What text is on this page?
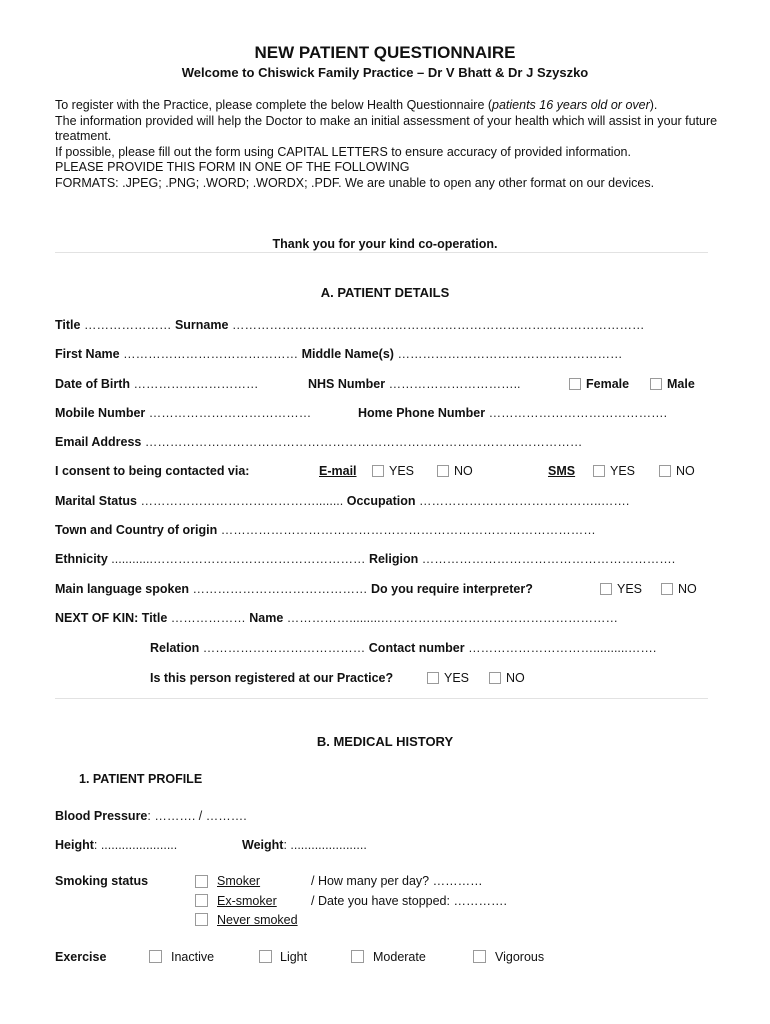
NEW PATIENT QUESTIONNAIRE
Welcome to Chiswick Family Practice – Dr V Bhatt & Dr J Szyszko

To register with the Practice, please complete the below Health Questionnaire (patients 16 years old or over).

The information provided will help the Doctor to make an initial assessment of your health which will assist in your future treatment.

If possible, please fill out the form using CAPITAL LETTERS to ensure accuracy of provided information.

PLEASE PROVIDE THIS FORM IN ONE OF THE FOLLOWING

FORMATS: .JPEG; .PNG; .WORD; .WORDX; .PDF. We are unable to open any other format on our devices.

Thank you for your kind co-operation.
A. PATIENT DETAILS
Title ………………… Surname ………………………………………………………………………………………
First Name …………………………………… Middle Name(s) ………………………………………………
Date of Birth …………………………	NHS Number …………………………..	Female	Male
Mobile Number …………………………………	Home Phone Number …………………………………….
Email Address ……………………………………………………………………………………………
I consent to being contacted via:	E-mail	YES	NO	SMS	YES	NO
Marital Status ……………………………………........ Occupation ……………………………………..…….
Town and Country of origin ………………………………………………………………………………
Ethnicity ............…………………………………………… Religion …………………………………………………….
Main language spoken …………………………………… Do you require interpreter?	YES	NO
NEXT OF KIN: Title ……………… Name …………….........…………………………………………………
Relation ………………………………… Contact number …………………………..........…….
Is this person registered at our Practice?	YES	NO
B. MEDICAL HISTORY
1. PATIENT PROFILE
Blood Pressure: ………. / ……….
Height: ......................	Weight: ......................
Smoking status	Smoker	/ How many per day? …………
Ex-smoker	/ Date you have stopped: ………….
Never smoked
Exercise	Inactive	Light	Moderate	Vigorous
